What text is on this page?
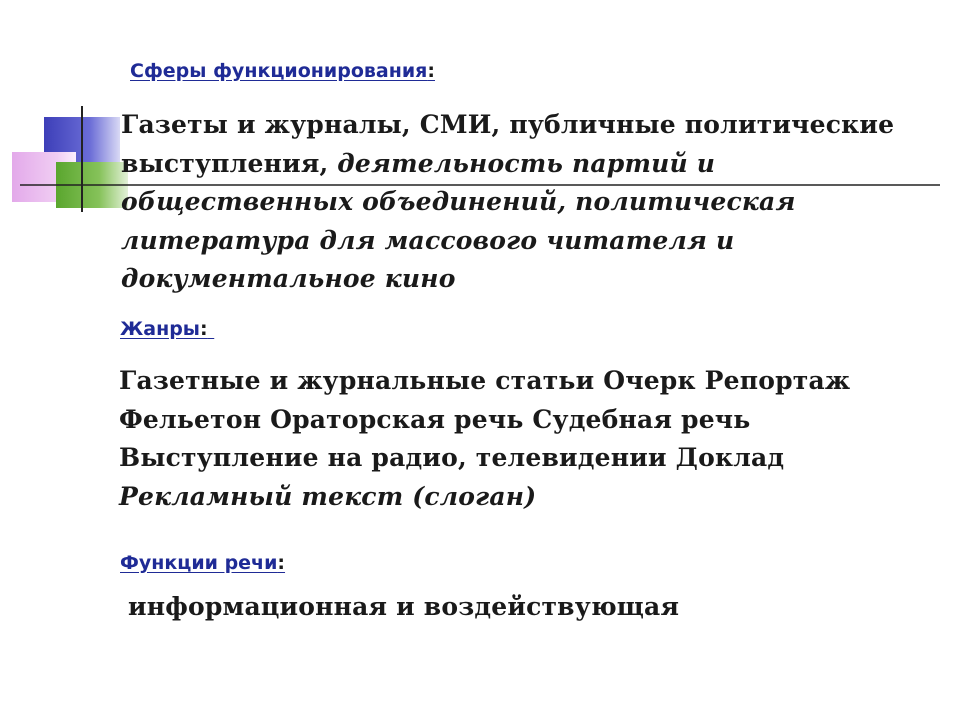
Сферы функционирования:
Газеты и журналы, СМИ, публичные политические выступления, деятельность партий и общественных объединений, политическая литература для массового читателя и документальное кино
Жанры:
Газетные и журнальные статьи Очерк Репортаж Фельетон Ораторская речь Судебная речь Выступление на радио, телевидении Доклад Рекламный текст (слоган)
Функции речи:
информационная и воздействующая
